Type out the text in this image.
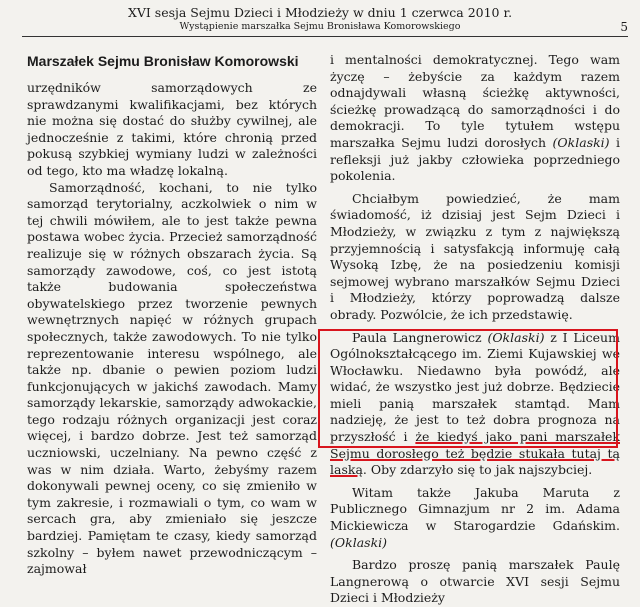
XVI sesja Sejmu Dzieci i Młodzieży w dniu 1 czerwca 2010 r.
Wystąpienie marszałka Sejmu Bronisława Komorowskiego	5

Marszałek Sejmu Bronisław Komorowski

urzędników samorządowych ze sprawdzanymi kwalifikacjami, bez których nie można się dostać do służby cywilnej, ale jednocześnie z takimi, które chronią przed pokusą szybkiej wymiany ludzi w zależności od tego, kto ma władzę lokalną.

Samorządność, kochani, to nie tylko samorząd terytorialny, aczkolwiek o nim w tej chwili mówiłem, ale to jest także pewna postawa wobec życia. Przecież samorządność realizuje się w różnych obszarach życia. Są samorządy zawodowe, coś, co jest istotą także budowania społeczeństwa obywatelskiego przez tworzenie pewnych wewnętrznych napięć w różnych grupach społecznych, także zawodowych. To nie tylko reprezentowanie interesu wspólnego, ale także np. dbanie o pewien poziom ludzi funkcjonujących w jakichś zawodach. Mamy samorządy lekarskie, samorządy adwokackie, tego rodzaju różnych organizacji jest coraz więcej, i bardzo dobrze. Jest też samorząd uczniowski, uczelniany. Na pewno część z was w nim działa. Warto, żebyśmy razem dokonywali pewnej oceny, co się zmieniło w tym zakresie, i rozmawiali o tym, co wam w sercach gra, aby zmieniało się jeszcze bardziej. Pamiętam te czasy, kiedy samorząd szkolny – byłem nawet przewodniczącym – zajmował

i mentalności demokratycznej. Tego wam życzę – żebyście za każdym razem odnajdywali własną ścieżkę aktywności, ścieżkę prowadzącą do samorządności i do demokracji. To tyle tytułem wstępu marszałka Sejmu ludzi dorosłych (Oklaski) i refleksji już jakby człowieka poprzedniego pokolenia.

Chciałbym powiedzieć, że mam świadomość, iż dzisiaj jest Sejm Dzieci i Młodzieży, w związku z tym z największą przyjemnością i satysfakcją informuję całą Wysoką Izbę, że na posiedzeniu komisji sejmowej wybrano marszałków Sejmu Dzieci i Młodzieży, którzy poprowadzą dalsze obrady. Pozwólcie, że ich przedstawię.

Paula Langnerowicz (Oklaski) z I Liceum Ogólnokształcącego im. Ziemi Kujawskiej we Włocławku. Niedawno była powódź, ale widać, że wszystko jest już dobrze. Będziecie mieli panią marszałek stamtąd. Mam nadzieję, że jest to też dobra prognoza na przyszłość i że kiedyś jako pani marszałek Sejmu dorosłego też będzie stukała tutaj tą laską. Oby zdarzyło się to jak najszybciej.

Witam także Jakuba Maruta z Publicznego Gimnazjum nr 2 im. Adama Mickiewicza w Starogardzie Gdańskim. (Oklaski)

Bardzo proszę panią marszałek Paulę Langnerową o otwarcie XVI sesji Sejmu Dzieci i Młodzieży
